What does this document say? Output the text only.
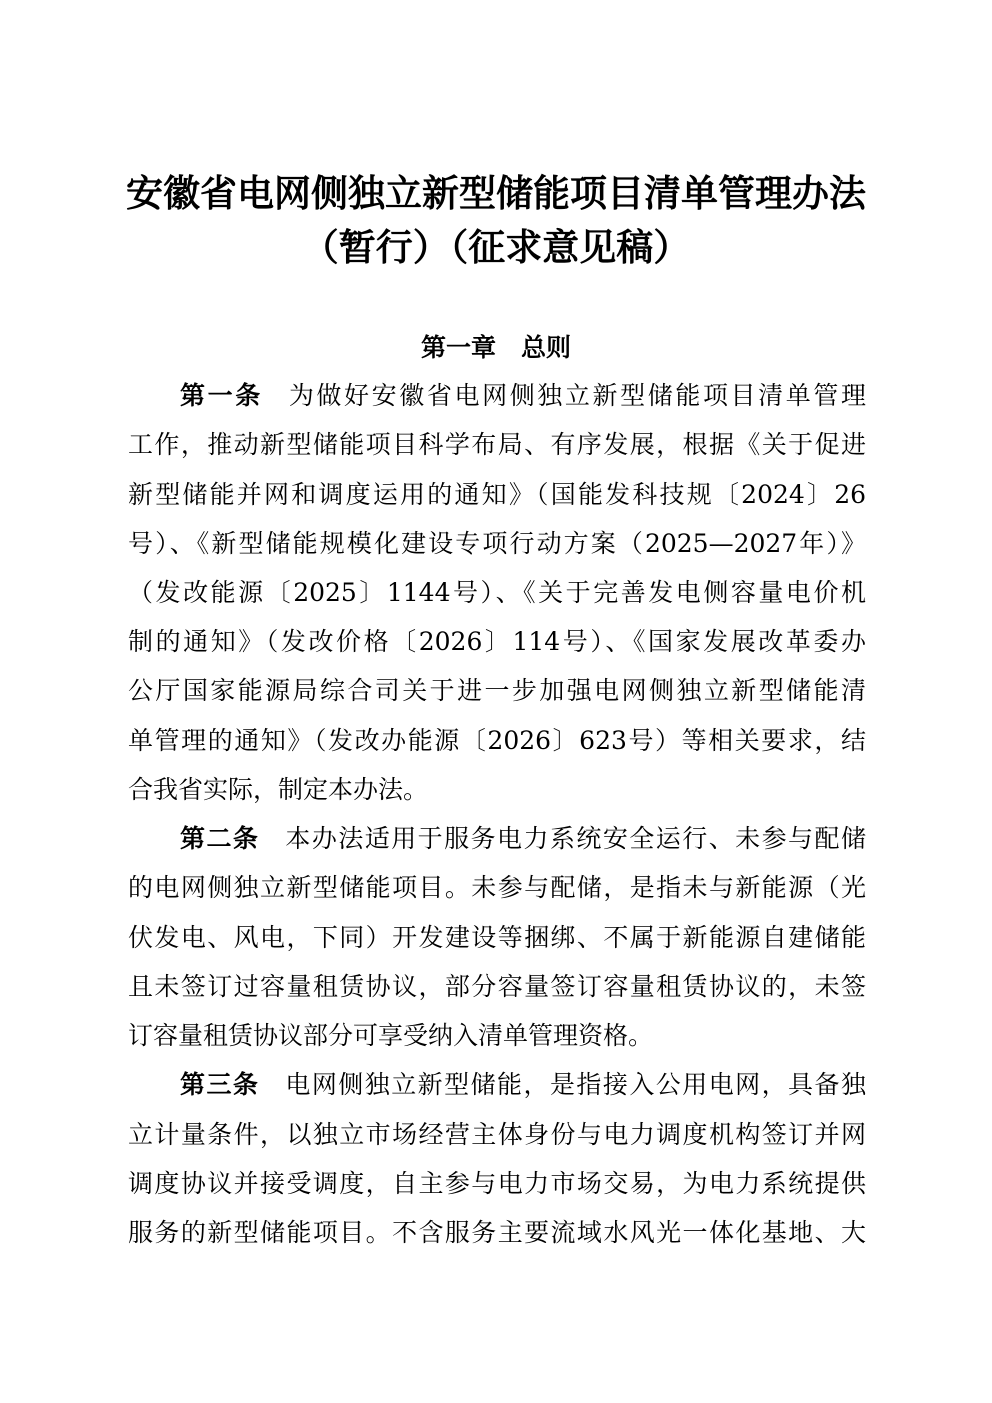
安徽省电网侧独立新型储能项目清单管理办法
（暂行）（征求意见稿）
第一章　总则

第一条 为做好安徽省电网侧独立新型储能项目清单管理

工作，推动新型储能项目科学布局、有序发展，根据《关于促进

新型储能并网和调度运用的通知》（国能发科技规〔2024〕26

号）、《新型储能规模化建设专项行动方案（2025—2027年）》

（发改能源〔2025〕1144号）、《关于完善发电侧容量电价机

制的通知》（发改价格〔2026〕114号）、《国家发展改革委办

公厅国家能源局综合司关于进一步加强电网侧独立新型储能清

单管理的通知》（发改办能源〔2026〕623号）等相关要求，结

合我省实际，制定本办法。

第二条 本办法适用于服务电力系统安全运行、未参与配储

的电网侧独立新型储能项目。未参与配储，是指未与新能源（光

伏发电、风电，下同）开发建设等捆绑、不属于新能源自建储能

且未签订过容量租赁协议，部分容量签订容量租赁协议的，未签

订容量租赁协议部分可享受纳入清单管理资格。

第三条 电网侧独立新型储能，是指接入公用电网，具备独

立计量条件，以独立市场经营主体身份与电力调度机构签订并网

调度协议并接受调度，自主参与电力市场交易，为电力系统提供

服务的新型储能项目。不含服务主要流域水风光一体化基地、大
